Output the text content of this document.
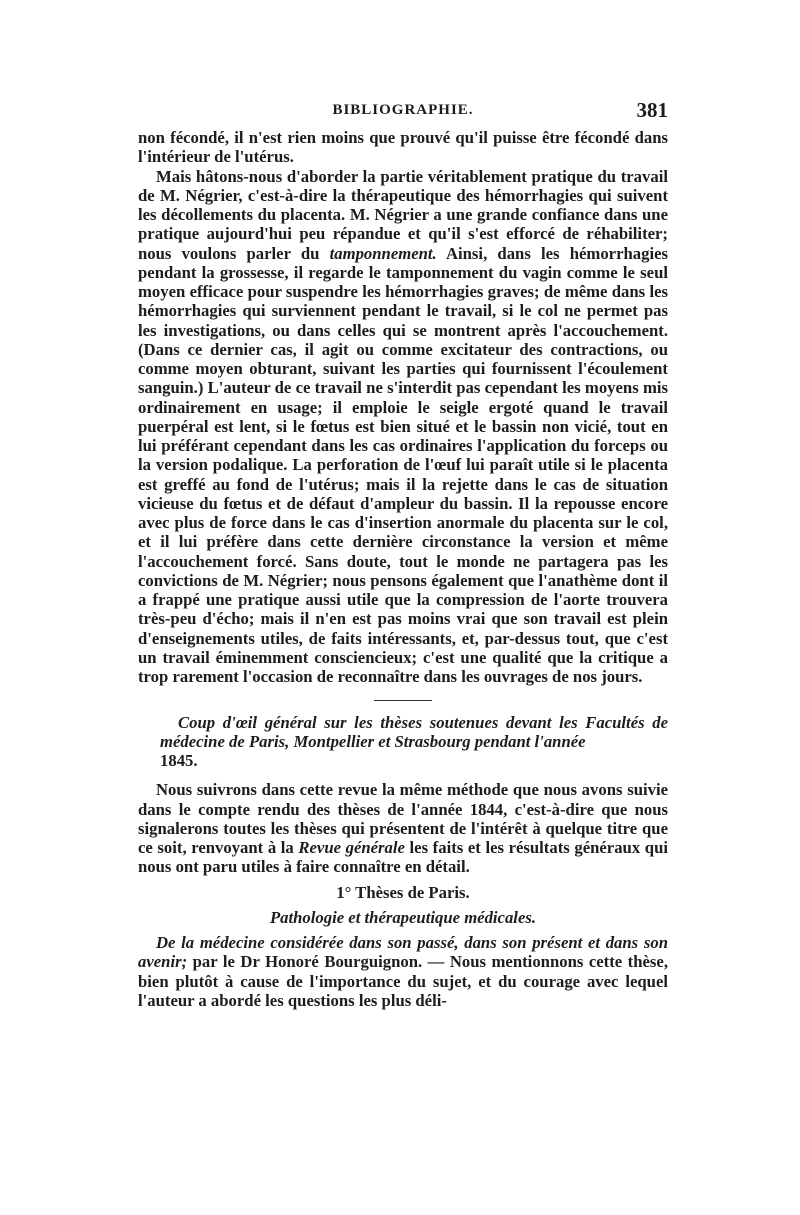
BIBLIOGRAPHIE.	381

non fécondé, il n'est rien moins que prouvé qu'il puisse être fécondé dans l'intérieur de l'utérus.

Mais hâtons-nous d'aborder la partie véritablement pratique du travail de M. Négrier, c'est-à-dire la thérapeutique des hémorrhagies qui suivent les décollements du placenta. M. Négrier a une grande confiance dans une pratique aujourd'hui peu répandue et qu'il s'est efforcé de réhabiliter; nous voulons parler du tamponnement. Ainsi, dans les hémorrhagies pendant la grossesse, il regarde le tamponnement du vagin comme le seul moyen efficace pour suspendre les hémorrhagies graves; de même dans les hémorrhagies qui surviennent pendant le travail, si le col ne permet pas les investigations, ou dans celles qui se montrent après l'accouchement. (Dans ce dernier cas, il agit ou comme excitateur des contractions, ou comme moyen obturant, suivant les parties qui fournissent l'écoulement sanguin.) L'auteur de ce travail ne s'interdit pas cependant les moyens mis ordinairement en usage; il emploie le seigle ergoté quand le travail puerpéral est lent, si le fœtus est bien situé et le bassin non vicié, tout en lui préférant cependant dans les cas ordinaires l'application du forceps ou la version podalique. La perforation de l'œuf lui paraît utile si le placenta est greffé au fond de l'utérus; mais il la rejette dans le cas de situation vicieuse du fœtus et de défaut d'ampleur du bassin. Il la repousse encore avec plus de force dans le cas d'insertion anormale du placenta sur le col, et il lui préfère dans cette dernière circonstance la version et même l'accouchement forcé. Sans doute, tout le monde ne partagera pas les convictions de M. Négrier; nous pensons également que l'anathème dont il a frappé une pratique aussi utile que la compression de l'aorte trouvera très-peu d'écho; mais il n'en est pas moins vrai que son travail est plein d'enseignements utiles, de faits intéressants, et, par-dessus tout, que c'est un travail éminemment consciencieux; c'est une qualité que la critique a trop rarement l'occasion de reconnaître dans les ouvrages de nos jours.

Coup d'œil général sur les thèses soutenues devant les Facultés de médecine de Paris, Montpellier et Strasbourg pendant l'année
1845.

Nous suivrons dans cette revue la même méthode que nous avons suivie dans le compte rendu des thèses de l'année 1844, c'est-à-dire que nous signalerons toutes les thèses qui présentent de l'intérêt à quelque titre que ce soit, renvoyant à la Revue générale les faits et les résultats généraux qui nous ont paru utiles à faire connaître en détail.

1° Thèses de Paris.

Pathologie et thérapeutique médicales.

De la médecine considérée dans son passé, dans son présent et dans son avenir; par le Dr Honoré Bourguignon. — Nous mentionnons cette thèse, bien plutôt à cause de l'importance du sujet, et du courage avec lequel l'auteur a abordé les questions les plus déli-
